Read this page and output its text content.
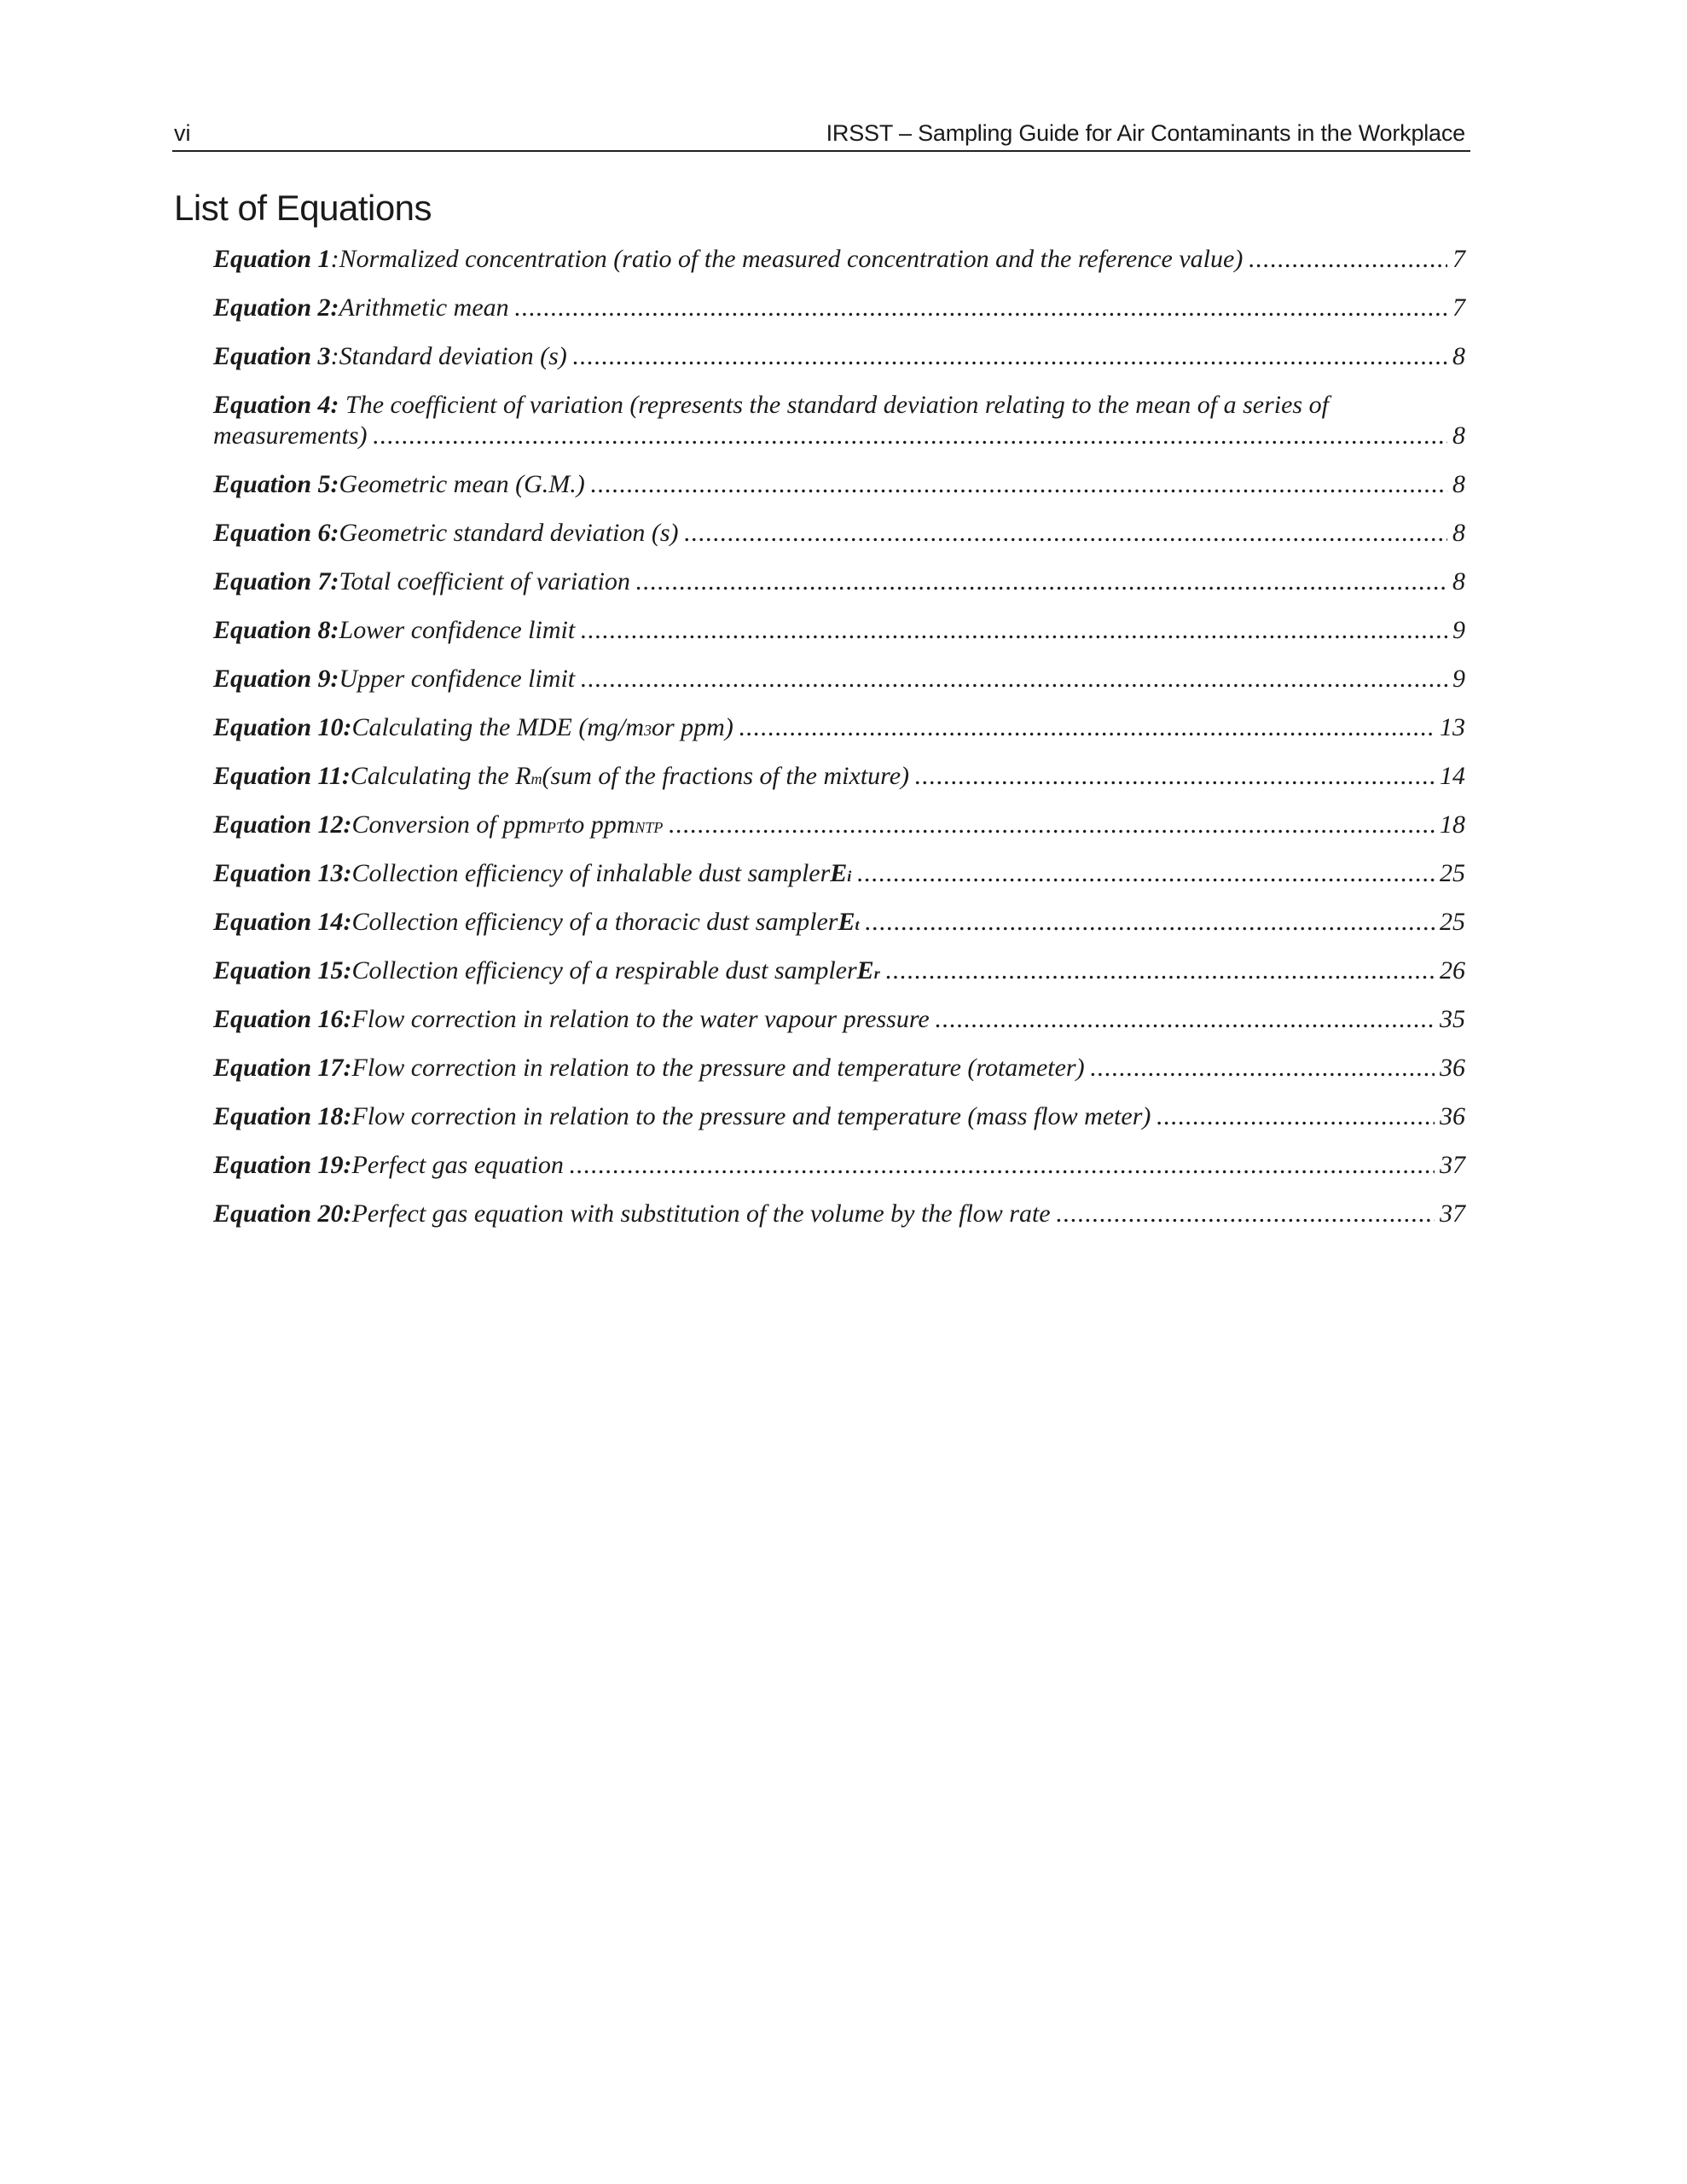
vi	IRSST – Sampling Guide for Air Contaminants in the Workplace
List of Equations
Equation 1 : Normalized concentration (ratio of the measured concentration and the reference value) .....	7
Equation 2: Arithmetic mean .....	7
Equation 3 : Standard deviation (s) .....	8
Equation 4: The coefficient of variation (represents the standard deviation relating to the mean of a series of
measurements) .....	8
Equation 5: Geometric mean (G.M.) .....	8
Equation 6: Geometric standard deviation (s) .....	8
Equation 7: Total coefficient of variation .....	8
Equation 8: Lower confidence limit .....	9
Equation 9: Upper confidence limit .....	9
Equation 10: Calculating the MDE (mg/m 3 or ppm) .....	13
Equation 11: Calculating the R m (sum of the fractions of the mixture) .....	14
Equation 12: Conversion of ppm PT to ppm NTP .....	18
Equation 13: Collection efficiency of inhalable dust sampler E i .....	25
Equation 14: Collection efficiency of a thoracic dust sampler E t .....	25
Equation 15: Collection efficiency of a respirable dust sampler E r .....	26
Equation 16: Flow correction in relation to the water vapour pressure .....	35
Equation 17: Flow correction in relation to the pressure and temperature (rotameter) .....	36
Equation 18: Flow correction in relation to the pressure and temperature (mass flow meter) .....	36
Equation 19: Perfect gas equation .....	37
Equation 20: Perfect gas equation with substitution of the volume by the flow rate .....	37
